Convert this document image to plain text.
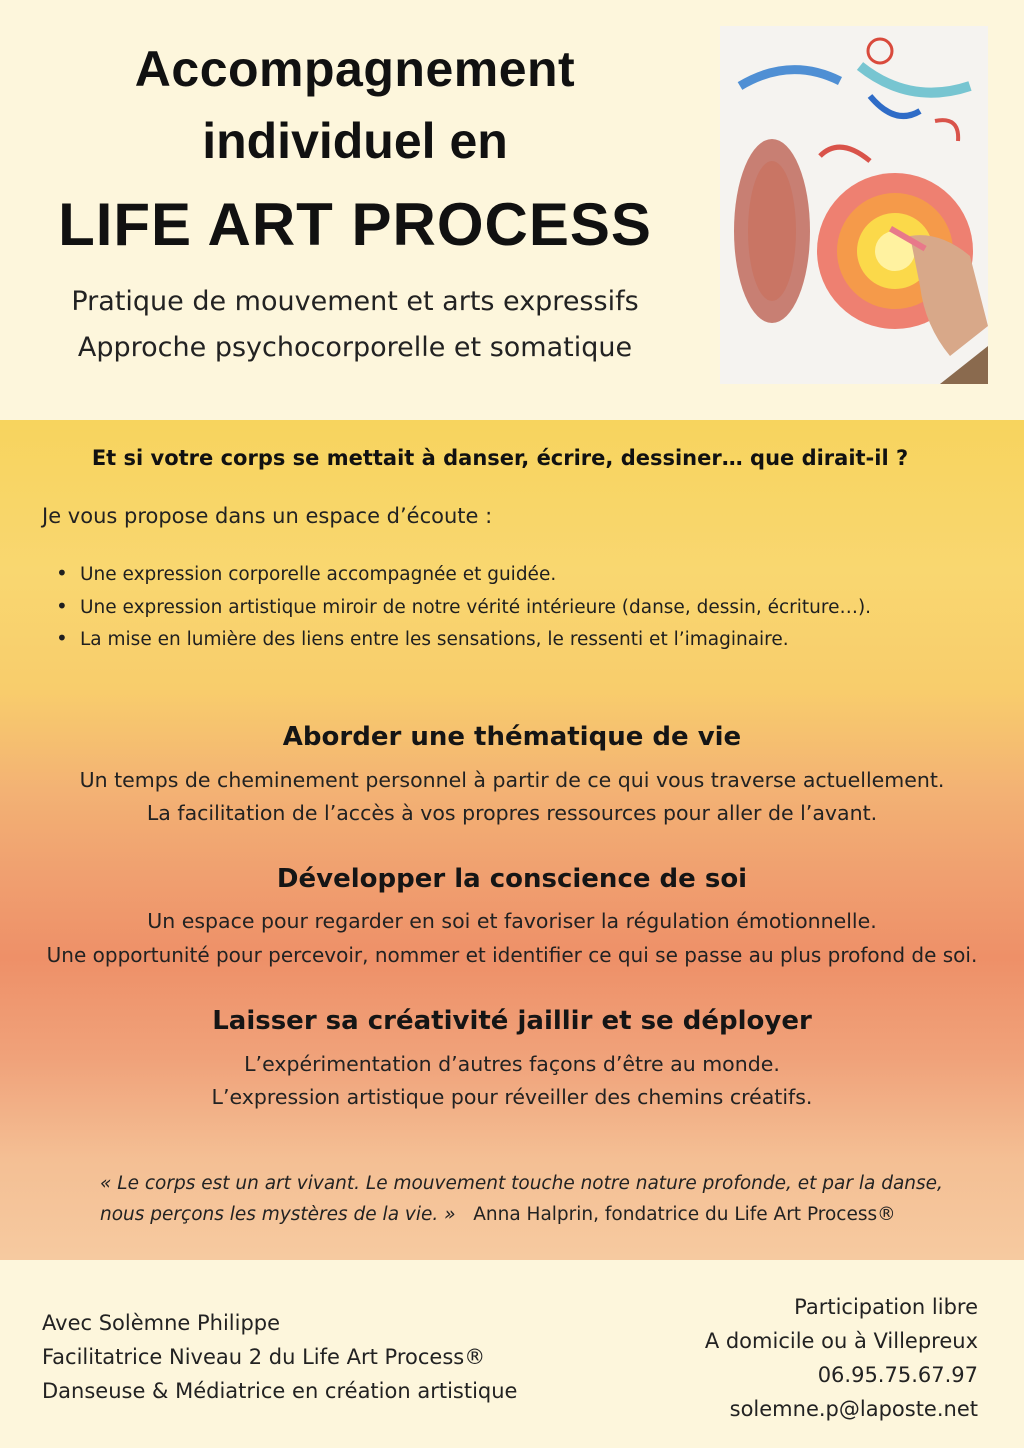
Accompagnement
individuel en
LIFE ART PROCESS
Pratique de mouvement et arts expressifs
Approche psychocorporelle et somatique
Et si votre corps se mettait à danser, écrire, dessiner… que dirait-il ?
Je vous propose dans un espace d’écoute :
• Une expression corporelle accompagnée et guidée.
• Une expression artistique miroir de notre vérité intérieure (danse, dessin, écriture…).
• La mise en lumière des liens entre les sensations, le ressenti et l’imaginaire.
Aborder une thématique de vie
Un temps de cheminement personnel à partir de ce qui vous traverse actuellement.
La facilitation de l’accès à vos propres ressources pour aller de l’avant.
Développer la conscience de soi
Un espace pour regarder en soi et favoriser la régulation émotionnelle.
Une opportunité pour percevoir, nommer et identifier ce qui se passe au plus profond de soi.
Laisser sa créativité jaillir et se déployer
L’expérimentation d’autres façons d’être au monde.
L’expression artistique pour réveiller des chemins créatifs.
« Le corps est un art vivant. Le mouvement touche notre nature profonde, et par la danse,
nous perçons les mystères de la vie. » Anna Halprin, fondatrice du Life Art Process®
Avec Solèmne Philippe
Facilitatrice Niveau 2 du Life Art Process®
Danseuse & Médiatrice en création artistique
Participation libre
A domicile ou à Villepreux
06.95.75.67.97
solemne.p@laposte.net
